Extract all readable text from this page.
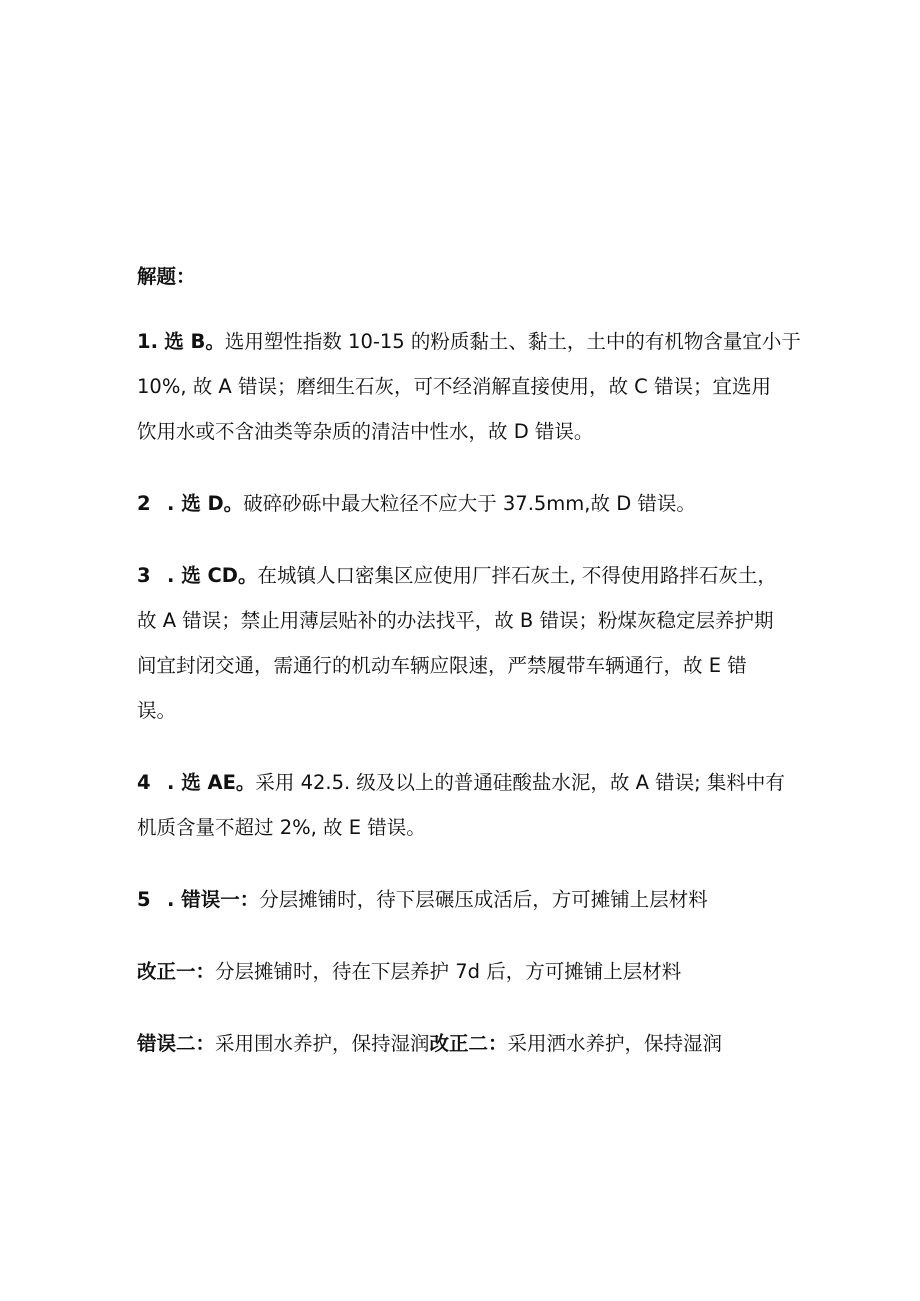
解题：
1. 选 B。选用塑性指数 10-15 的粉质黏土、黏土，土中的有机物含量宜小于
10%, 故 A 错误；磨细生石灰，可不经消解直接使用，故 C 错误；宜选用
饮用水或不含油类等杂质的清洁中性水，故 D 错误。
2 . 选 D。破碎砂砾中最大粒径不应大于 37.5mm,故 D 错误。
3 . 选 CD。在城镇人口密集区应使用厂拌石灰土, 不得使用路拌石灰土，
故 A 错误；禁止用薄层贴补的办法找平，故 B 错误；粉煤灰稳定层养护期
间宜封闭交通，需通行的机动车辆应限速，严禁履带车辆通行，故 E 错
误。
4 . 选 AE。采用 42.5. 级及以上的普通硅酸盐水泥，故 A 错误; 集料中有
机质含量不超过 2%, 故 E 错误。
5 . 错误一：分层摊铺时，待下层碾压成活后，方可摊铺上层材料
改正一：分层摊铺时，待在下层养护 7d 后，方可摊铺上层材料
错误二：采用围水养护，保持湿润改正二：采用洒水养护，保持湿润
